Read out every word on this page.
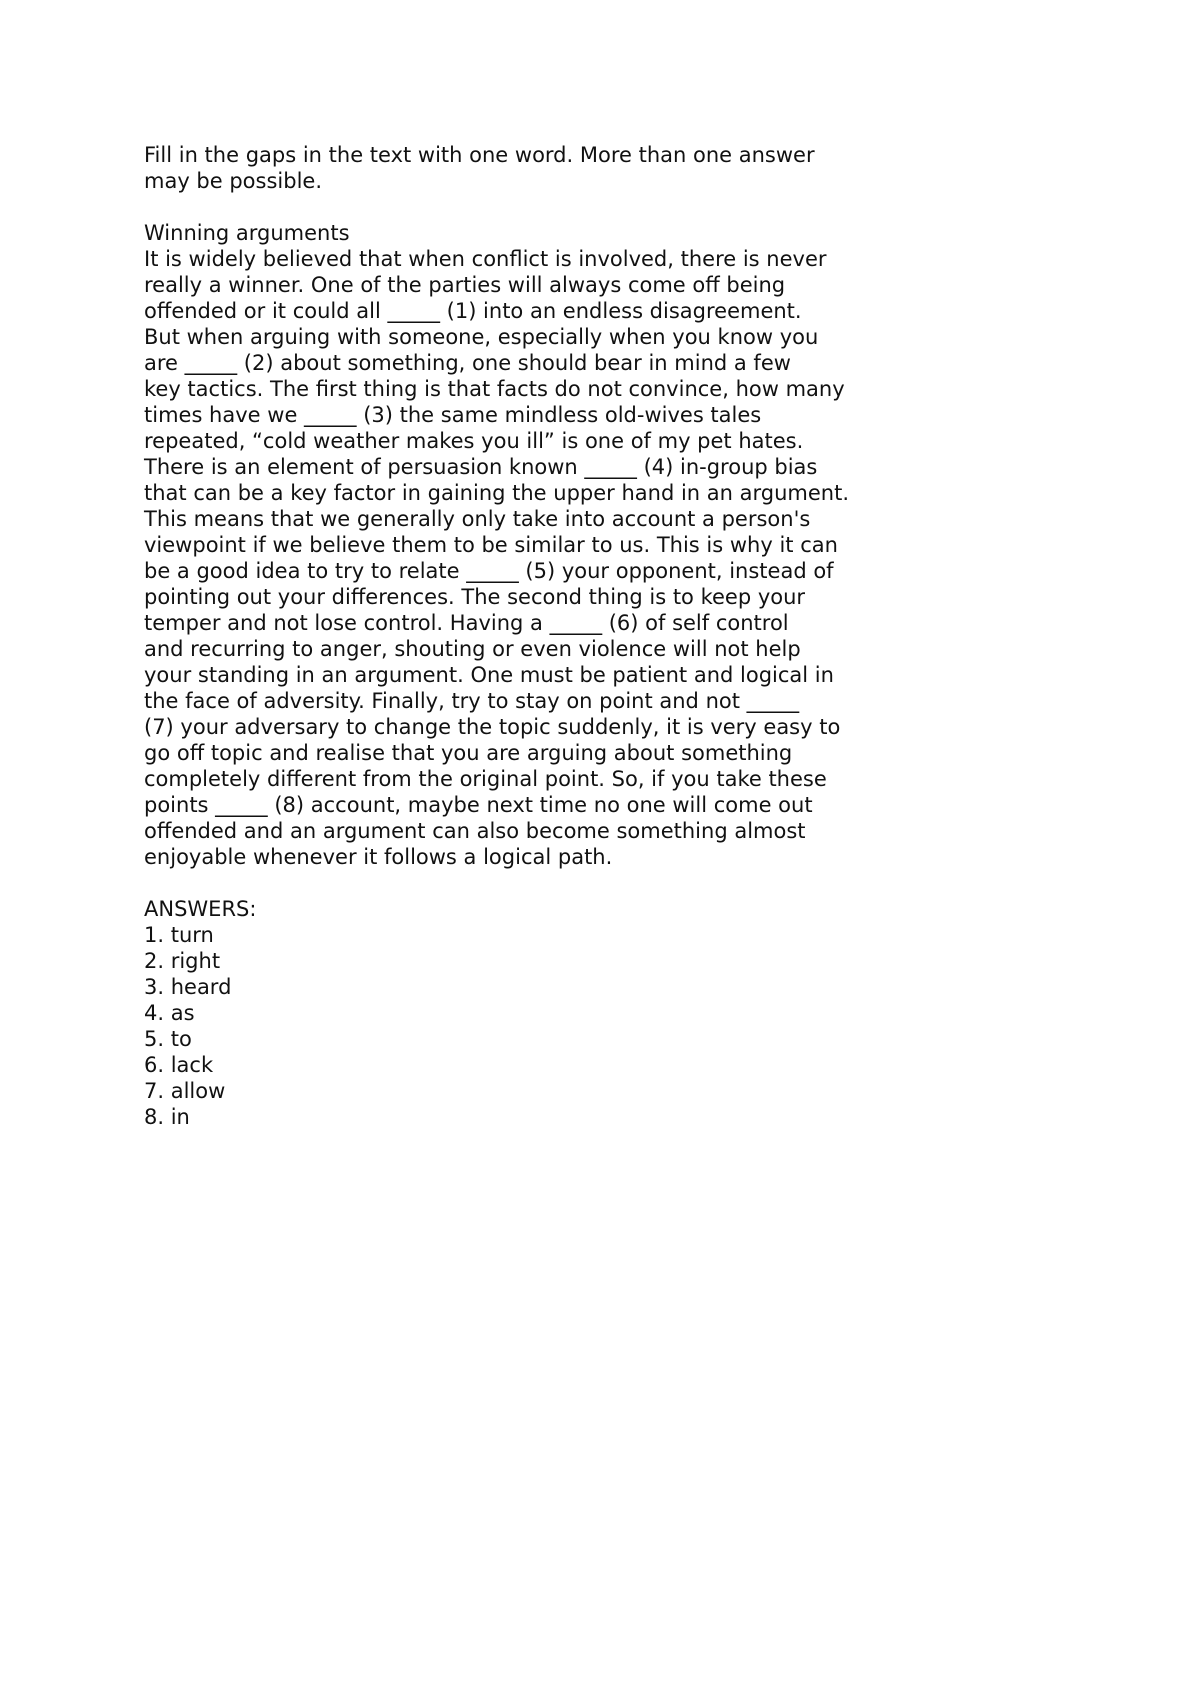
Fill in the gaps in the text with one word. More than one answer
may be possible.
Winning arguments
It is widely believed that when conflict is involved, there is never
really a winner. One of the parties will always come off being
offended or it could all _____ (1) into an endless disagreement.
But when arguing with someone, especially when you know you
are _____ (2) about something, one should bear in mind a few
key tactics. The first thing is that facts do not convince, how many
times have we _____ (3) the same mindless old-wives tales
repeated, “cold weather makes you ill” is one of my pet hates.
There is an element of persuasion known _____ (4) in-group bias
that can be a key factor in gaining the upper hand in an argument.
This means that we generally only take into account a person's
viewpoint if we believe them to be similar to us. This is why it can
be a good idea to try to relate _____ (5) your opponent, instead of
pointing out your differences. The second thing is to keep your
temper and not lose control. Having a _____ (6) of self control
and recurring to anger, shouting or even violence will not help
your standing in an argument. One must be patient and logical in
the face of adversity. Finally, try to stay on point and not _____
(7) your adversary to change the topic suddenly, it is very easy to
go off topic and realise that you are arguing about something
completely different from the original point. So, if you take these
points _____ (8) account, maybe next time no one will come out
offended and an argument can also become something almost
enjoyable whenever it follows a logical path.
ANSWERS:
1. turn
2. right
3. heard
4. as
5. to
6. lack
7. allow
8. in
